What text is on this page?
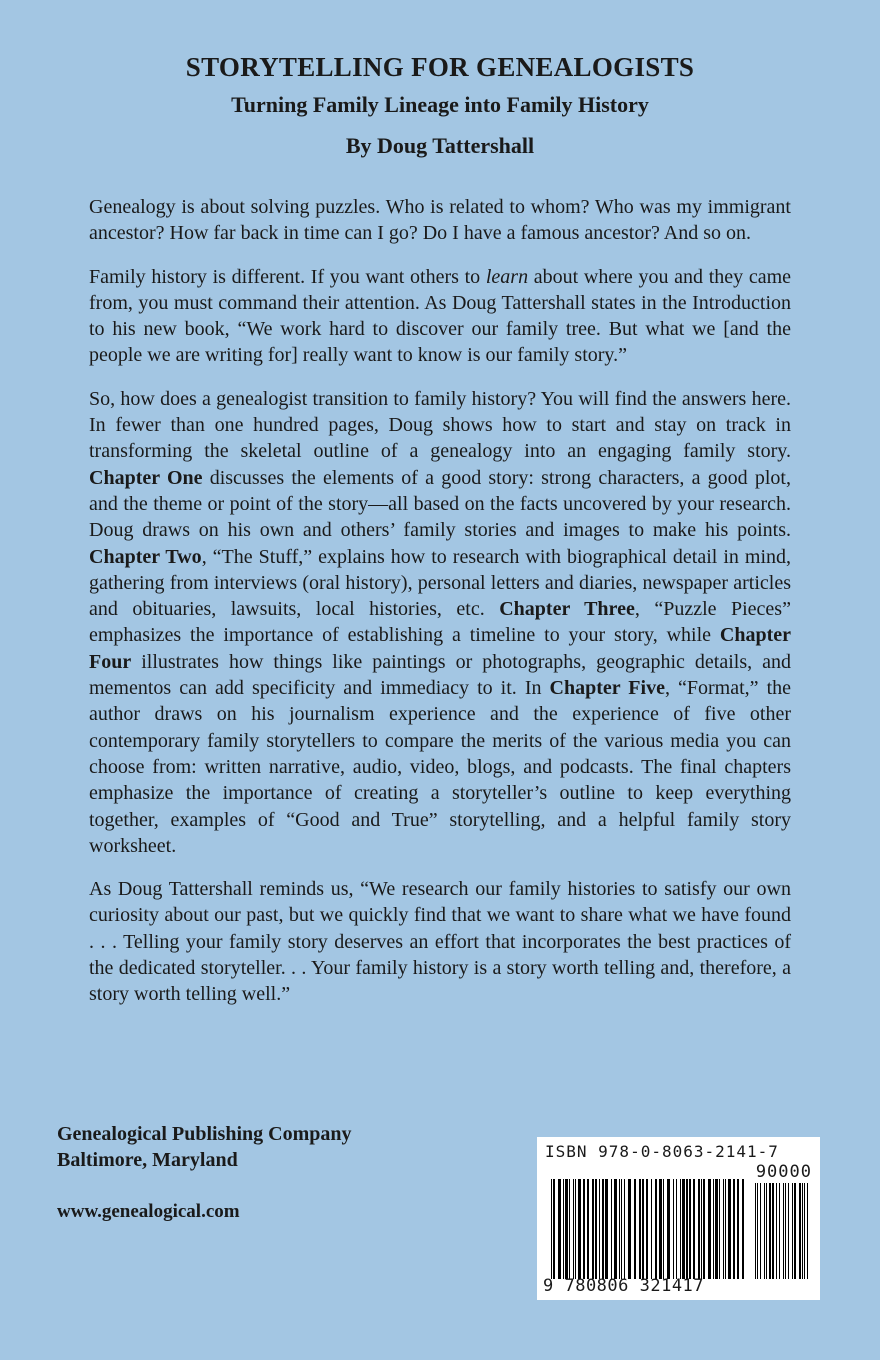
STORYTELLING FOR GENEALOGISTS
Turning Family Lineage into Family History
By Doug Tattershall

Genealogy is about solving puzzles. Who is related to whom? Who was my immigrant ancestor? How far back in time can I go? Do I have a famous ancestor? And so on.

Family history is different. If you want others to learn about where you and they came from, you must command their attention. As Doug Tattershall states in the Introduction to his new book, “We work hard to discover our family tree. But what we [and the people we are writing for] really want to know is our family story.”

So, how does a genealogist transition to family history? You will find the answers here. In fewer than one hundred pages, Doug shows how to start and stay on track in transforming the skeletal outline of a genealogy into an engaging family story. Chapter One discusses the elements of a good story: strong characters, a good plot, and the theme or point of the story—all based on the facts uncovered by your research. Doug draws on his own and others’ family stories and images to make his points. Chapter Two, “The Stuff,” explains how to research with biographical detail in mind, gathering from interviews (oral history), personal letters and diaries, newspaper articles and obituaries, lawsuits, local histories, etc. Chapter Three, “Puzzle Pieces” emphasizes the importance of establishing a timeline to your story, while Chapter Four illustrates how things like paintings or photographs, geographic details, and mementos can add specificity and immediacy to it. In Chapter Five, “Format,” the author draws on his journalism experience and the experience of five other contemporary family storytellers to compare the merits of the various media you can choose from: written narrative, audio, video, blogs, and podcasts. The final chapters emphasize the importance of creating a storyteller’s outline to keep everything together, examples of “Good and True” storytelling, and a helpful family story worksheet.

As Doug Tattershall reminds us, “We research our family histories to satisfy our own curiosity about our past, but we quickly find that we want to share what we have found . . . Telling your family story deserves an effort that incorporates the best practices of the dedicated storyteller. . . Your family history is a story worth telling and, therefore, a story worth telling well.”

Genealogical Publishing Company
Baltimore, Maryland
www.genealogical.com
ISBN 978-0-8063-2141-7
90000
9 780806 321417
